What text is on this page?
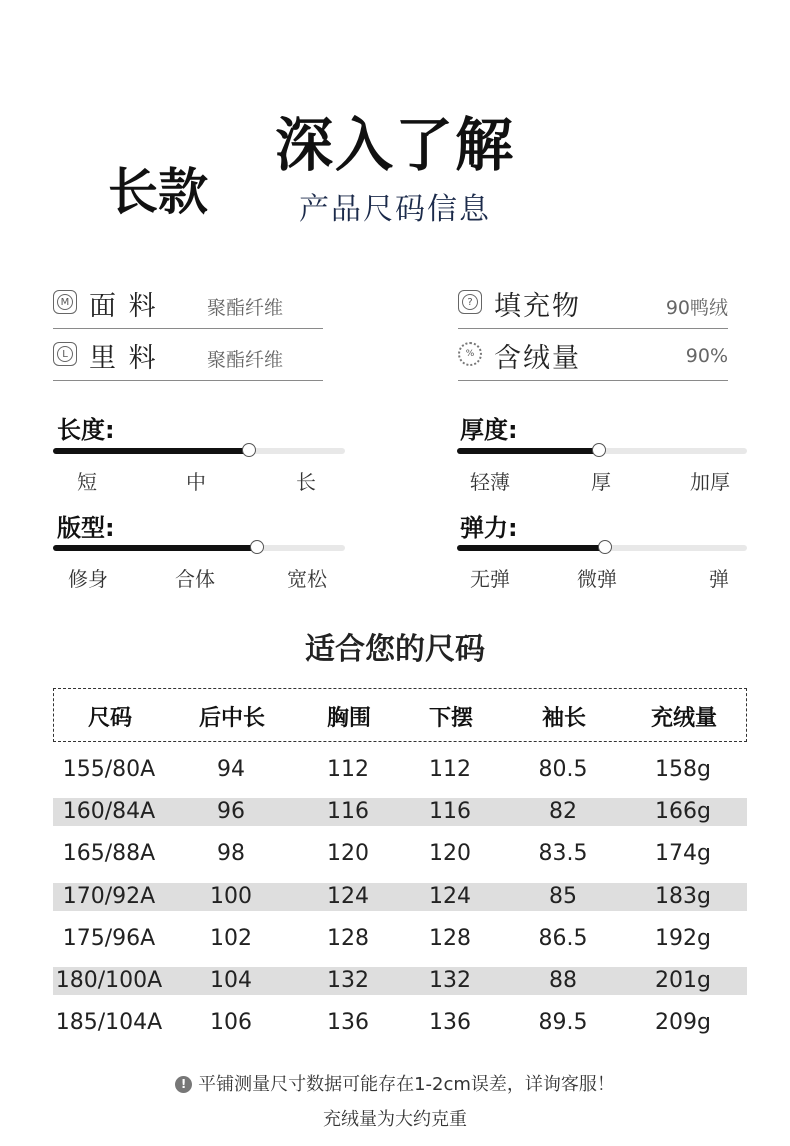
深入了解
长款	产品尺码信息
M 面 料	聚酯纤维
L 里 料	聚酯纤维
? 填充物	90鸭绒
% 含绒量	90%
长度:
短	中	长
厚度:
轻薄	厚	加厚
版型:
修身	合体	宽松
弹力:
无弹	微弹	弹
适合您的尺码
尺码	后中长	胸围	下摆	袖长	充绒量
155/80A	94	112	112	80.5	158g
160/84A	96	116	116	82	166g
165/88A	98	120	120	83.5	174g
170/92A 100	124	124	85	183g
175/96A 102	128	128	86.5	192g
180/100A 104	132	132	88	201g
185/104A 106	136	136	89.5	209g
! 平铺测量尺寸数据可能存在1-2cm误差，详询客服！
充绒量为大约克重
